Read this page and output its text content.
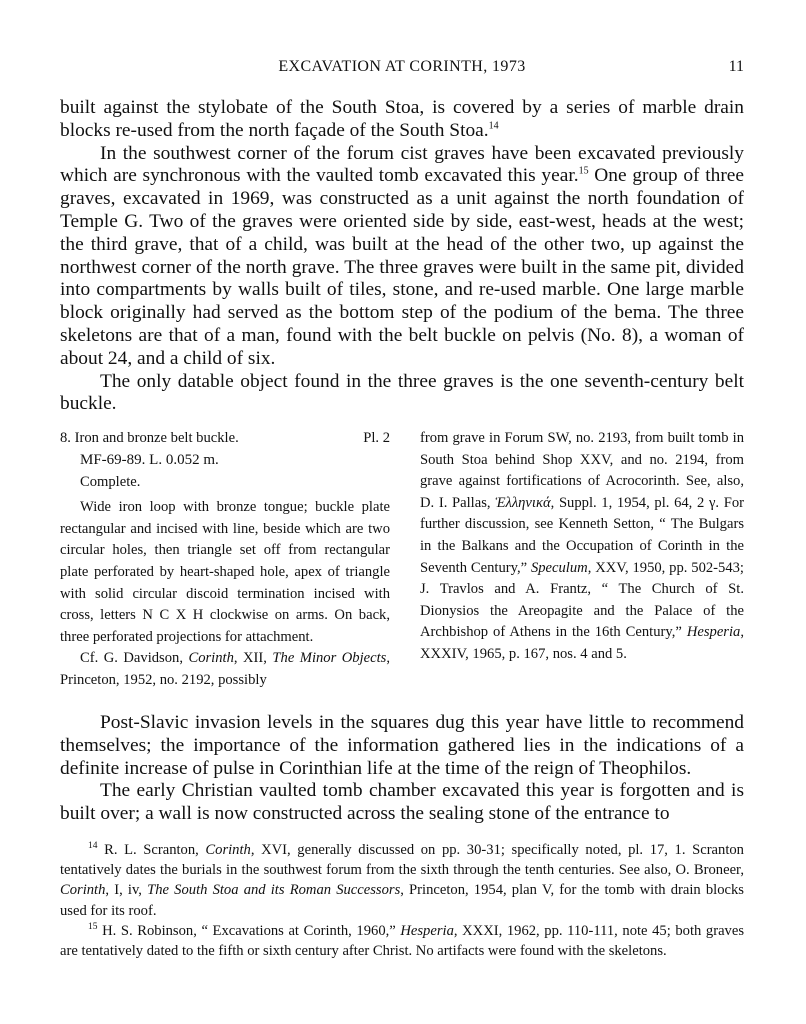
EXCAVATION AT CORINTH, 1973	11

built against the stylobate of the South Stoa, is covered by a series of marble drain blocks re-used from the north façade of the South Stoa.$^{14}$

In the southwest corner of the forum cist graves have been excavated previously which are synchronous with the vaulted tomb excavated this year.$^{15}$ One group of three graves, excavated in 1969, was constructed as a unit against the north foundation of Temple G. Two of the graves were oriented side by side, east-west, heads at the west; the third grave, that of a child, was built at the head of the other two, up against the northwest corner of the north grave. The three graves were built in the same pit, divided into compartments by walls built of tiles, stone, and re-used marble. One large marble block originally had served as the bottom step of the podium of the bema. The three skeletons are that of a man, found with the belt buckle on pelvis (No. 8), a woman of about 24, and a child of six.

The only datable object found in the three graves is the one seventh-century belt buckle.

8. Iron and bronze belt buckle.	Pl. 2

MF-69-89. L. 0.052 m.

Complete.

Wide iron loop with bronze tongue; buckle plate rectangular and incised with line, beside which are two circular holes, then triangle set off from rectangular plate perforated by heart-shaped hole, apex of triangle with solid circular discoid termination incised with cross, letters N C X H clockwise on arms. On back, three perforated projections for attachment.

Cf. G. Davidson, Corinth, XII, The Minor Objects, Princeton, 1952, no. 2192, possibly

from grave in Forum SW, no. 2193, from built tomb in South Stoa behind Shop XXV, and no. 2194, from grave against fortifications of Acrocorinth. See, also, D. I. Pallas, Ἑλληνικά, Suppl. 1, 1954, pl. 64, 2 γ. For further discussion, see Kenneth Setton, “ The Bulgars in the Balkans and the Occupation of Corinth in the Seventh Century,” Speculum, XXV, 1950, pp. 502-543; J. Travlos and A. Frantz, “ The Church of St. Dionysios the Areopagite and the Palace of the Archbishop of Athens in the 16th Century,” Hesperia, XXXIV, 1965, p. 167, nos. 4 and 5.

Post-Slavic invasion levels in the squares dug this year have little to recommend themselves; the importance of the information gathered lies in the indications of a definite increase of pulse in Corinthian life at the time of the reign of Theophilos.

The early Christian vaulted tomb chamber excavated this year is forgotten and is built over; a wall is now constructed across the sealing stone of the entrance to

$^{14}$ R. L. Scranton, Corinth, XVI, generally discussed on pp. 30-31; specifically noted, pl. 17, 1. Scranton tentatively dates the burials in the southwest forum from the sixth through the tenth centuries. See also, O. Broneer, Corinth, I, iv, The South Stoa and its Roman Successors, Princeton, 1954, plan V, for the tomb with drain blocks used for its roof.

$^{15}$ H. S. Robinson, “ Excavations at Corinth, 1960,” Hesperia, XXXI, 1962, pp. 110-111, note 45; both graves are tentatively dated to the fifth or sixth century after Christ. No artifacts were found with the skeletons.
